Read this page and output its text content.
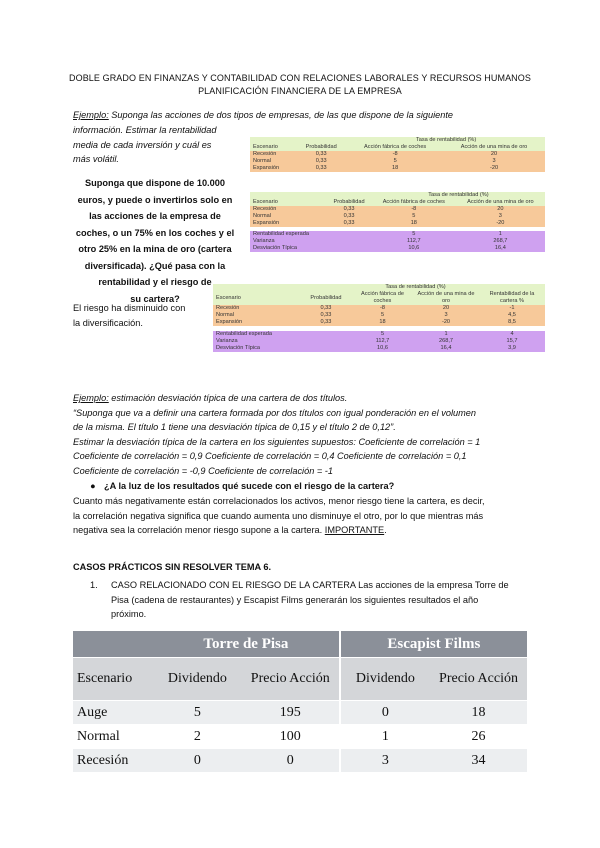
DOBLE GRADO EN FINANZAS Y CONTABILIDAD CON RELACIONES LABORALES Y RECURSOS HUMANOS
PLANIFICACIÓN FINANCIERA DE LA EMPRESA
Ejemplo: Suponga las acciones de dos tipos de empresas, de las que dispone de la siguiente
información. Estimar la rentabilidad
media de cada inversión y cuál es
más volátil.
Suponga que dispone de 10.000
euros, y puede o invertirlos solo en
las acciones de la empresa de
coches, o un 75% en los coches y el
otro 25% en la mina de oro (cartera
diversificada). ¿Qué pasa con la
rentabilidad y el riesgo de
su cartera?
El riesgo ha disminuido con
la diversificación.
		Tasa de rentabilidad (%)	
Escenario	Probabilidad	Acción fábrica de coches	Acción de una mina de oro
Recesión	0,33	-8	20
Normal	0,33	5	3
Expansión	0,33	18	-20
		Tasa de rentabilidad (%)	
Escenario	Probabilidad	Acción fábrica de coches	Acción de una mina de oro
Recesión	0,33	-8	20
Normal	0,33	5	3
Expansión	0,33	18	-20

Rentabilidad esperada		5	1
Varianza		112,7	268,7
Desviación Típica		10,6	16,4
		Tasa de rentabilidad (%)		
Escenario	Probabilidad	Acción fábrica de coches	Acción de una mina de oro	Rentabilidad de la cartera %
Recesión	0,33	-8	20	-1
Normal	0,33	5	3	4,5
Expansión	0,33	18	-20	8,5

Rentabilidad esperada		5	1	4
Varianza		112,7	268,7	15,7
Desviación Típica		10,6	16,4	3,9
Ejemplo: estimación desviación típica de una cartera de dos títulos.
“Suponga que va a definir una cartera formada por dos títulos con igual ponderación en el volumen
de la misma. El título 1 tiene una desviación típica de 0,15 y el título 2 de 0,12”.
Estimar la desviación típica de la cartera en los siguientes supuestos: Coeficiente de correlación = 1
Coeficiente de correlación = 0,9 Coeficiente de correlación = 0,4 Coeficiente de correlación = 0,1
Coeficiente de correlación = -0,9 Coeficiente de correlación = -1
● ¿A la luz de los resultados qué sucede con el riesgo de la cartera?
Cuanto más negativamente están correlacionados los activos, menor riesgo tiene la cartera, es decir,
la correlación negativa significa que cuando aumenta uno disminuye el otro, por lo que mientras más
negativa sea la correlación menor riesgo supone a la cartera. IMPORTANTE.
CASOS PRÁCTICOS SIN RESOLVER TEMA 6.
1.	CASO RELACIONADO CON EL RIESGO DE LA CARTERA Las acciones de la empresa Torre de
Pisa (cadena de restaurantes) y Escapist Films generarán los siguientes resultados el año
próximo.
	Torre de Pisa		Escapist Films	
Escenario	Dividendo	Precio Acción	Dividendo	Precio Acción
Auge	5	195	0	18
Normal	2	100	1	26
Recesión	0	0	3	34
